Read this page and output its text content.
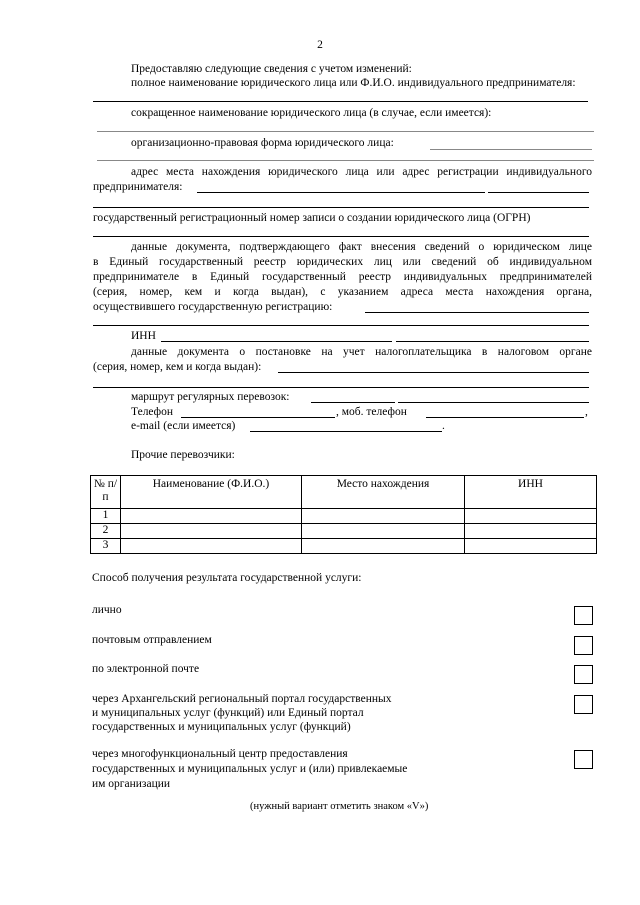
2
Предоставляю следующие сведения с учетом изменений:
полное наименование юридического лица или Ф.И.О. индивидуального предпринимателя:
сокращенное наименование юридического лица (в случае, если имеется):
организационно-правовая форма юридического лица:
адрес места нахождения юридического лица или адрес регистрации индивидуального
предпринимателя:
государственный регистрационный номер записи о создании юридического лица (ОГРН)
данные документа, подтверждающего факт внесения сведений о юридическом лице
в Единый государственный реестр юридических лиц или сведений об индивидуальном
предпринимателе в Единый государственный реестр индивидуальных предпринимателей
(серия, номер, кем и когда выдан), с указанием адреса места нахождения органа,
осуществившего государственную регистрацию:
ИНН
данные документа о постановке на учет налогоплательщика в налоговом органе
(серия, номер, кем и когда выдан):
маршрут регулярных перевозок:
Телефон	, моб. телефон	,
e-mail (если имеется)	.
Прочие перевозчики:
№ п/п	Наименование (Ф.И.О.)	Место нахождения	ИНН
1			
2			
3			
Способ получения результата государственной услуги:
лично
почтовым отправлением
по электронной почте
через Архангельский региональный портал государственных
и муниципальных услуг (функций) или Единый портал
государственных и муниципальных услуг (функций)
через многофункциональный центр предоставления
государственных и муниципальных услуг и (или) привлекаемые
им организации
(нужный вариант отметить знаком «V»)
